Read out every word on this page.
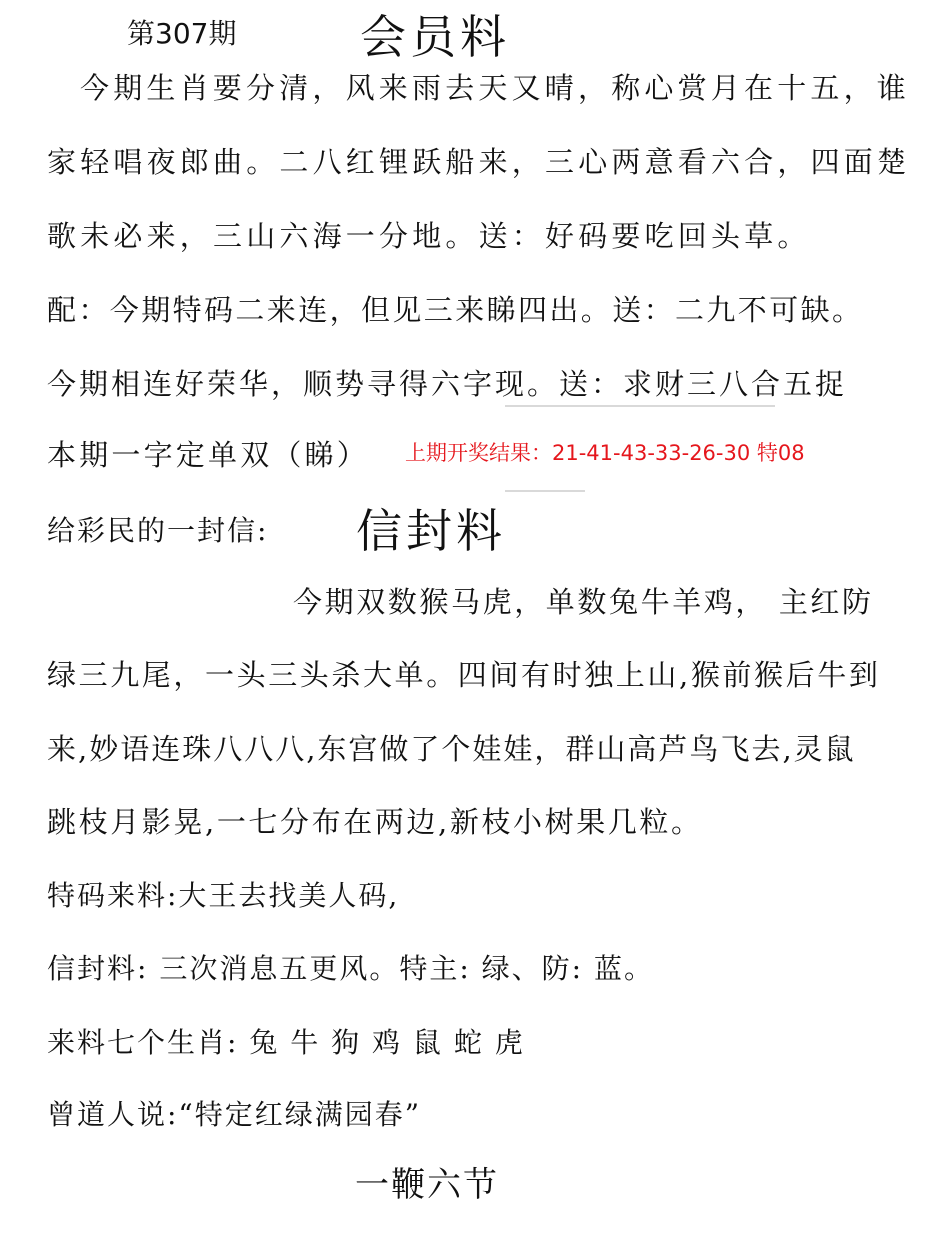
第307期	会员料
今期生肖要分清，风来雨去天又晴，称心赏月在十五，谁
家轻唱夜郎曲。二八红锂跃船来，三心两意看六合，四面楚
歌未必来，三山六海一分地。送：好码要吃回头草。
配：今期特码二来连，但见三来睇四出。送：二九不可缺。
今期相连好荣华，顺势寻得六字现。送：求财三八合五捉
本期一字定单双（睇） 上期开奖结果：21-41-43-33-26-30 特08
给彩民的一封信: 信封料
今期双数猴马虎，单数兔牛羊鸡， 主红防
绿三九尾，一头三头杀大单。四间有时独上山,猴前猴后牛到
来,妙语连珠八八八,东宫做了个娃娃，群山高芦鸟飞去,灵鼠
跳枝月影晃,一七分布在两边,新枝小树果几粒。
特码来料:大王去找美人码,
信封料: 三次消息五更风。特主: 绿、防: 蓝。
来料七个生肖: 兔 牛 狗 鸡 鼠 蛇 虎
曾道人说:“特定红绿满园春”
一鞭六节
